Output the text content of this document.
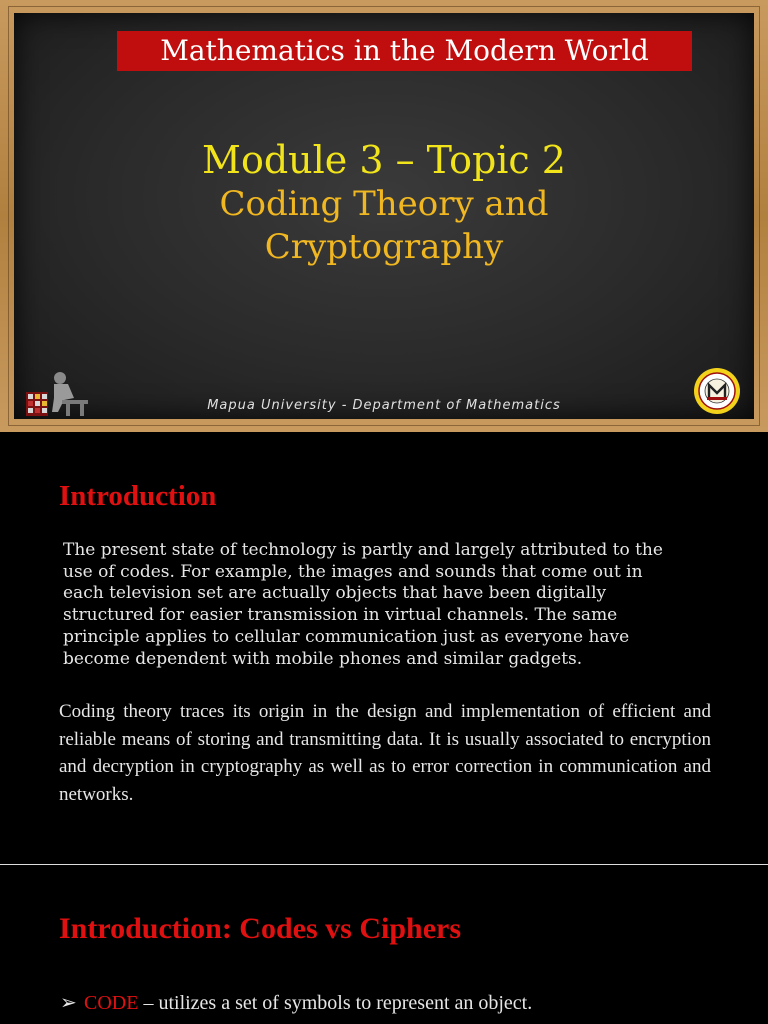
Mathematics in the Modern World
Module 3 – Topic 2
Coding Theory and
Cryptography
Mapua University - Department of Mathematics
Introduction
The present state of technology is partly and largely attributed to the
use of codes. For example, the images and sounds that come out in
each television set are actually objects that have been digitally
structured for easier transmission in virtual channels. The same
principle applies to cellular communication just as everyone have
become dependent with mobile phones and similar gadgets.
Coding theory traces its origin in the design and implementation of efficient and reliable means of storing and transmitting data. It is usually associated to encryption and decryption in cryptography as well as to error correction in communication and networks.
Introduction: Codes vs Ciphers
➢ CODE – utilizes a set of symbols to represent an object.
